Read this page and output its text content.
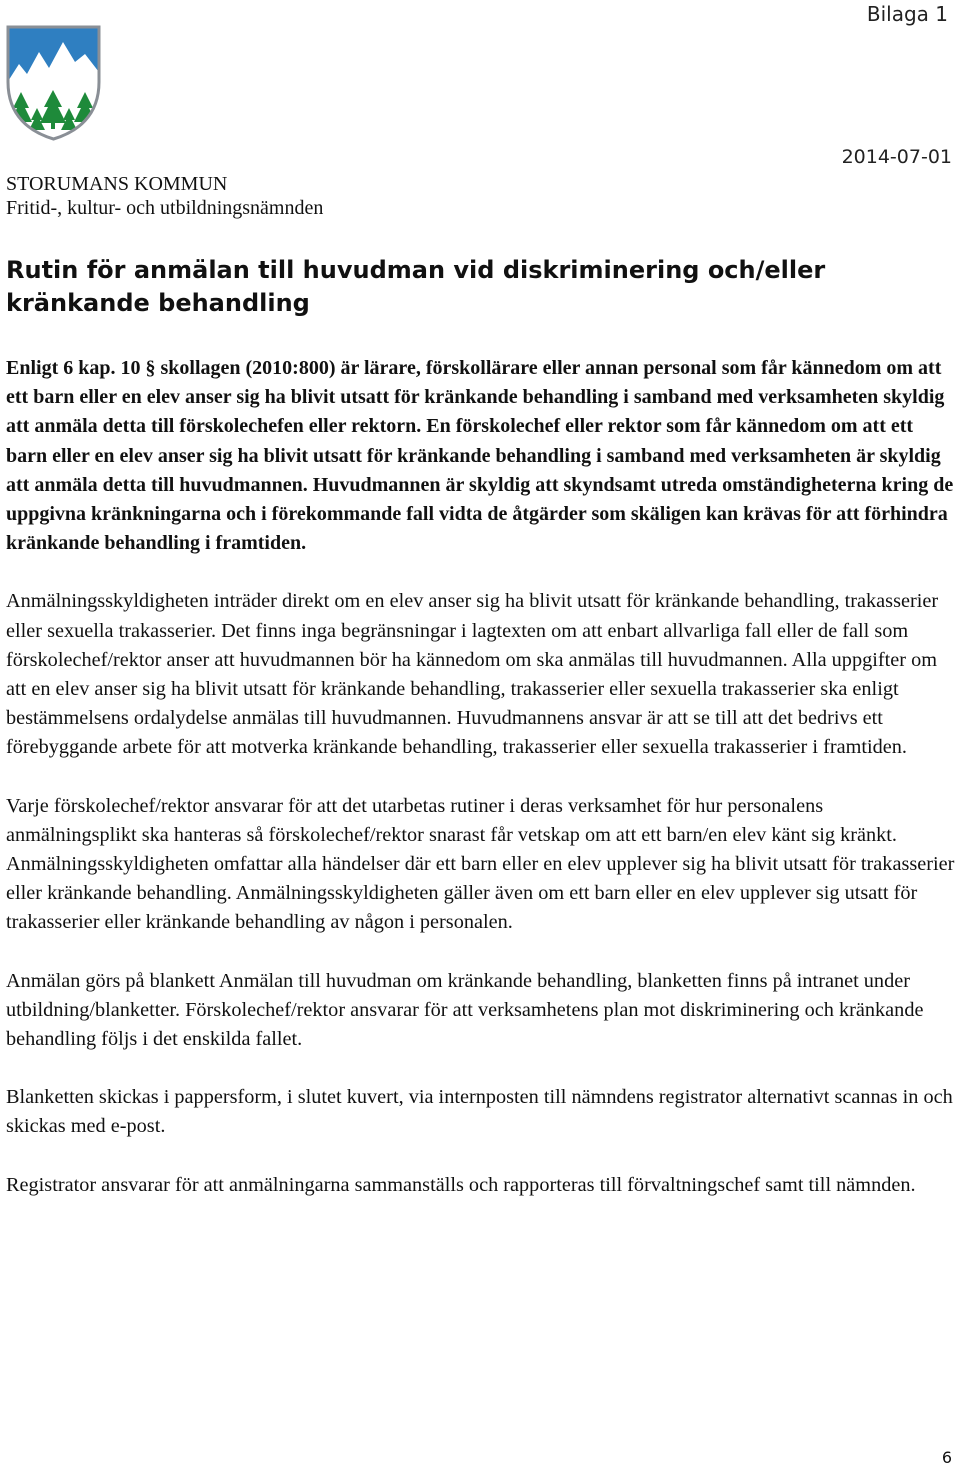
Bilaga 1
2014-07-01
STORUMANS KOMMUN
Fritid-, kultur- och utbildningsnämnden
Rutin för anmälan till huvudman vid diskriminering och/eller kränkande behandling

Enligt 6 kap. 10 § skollagen (2010:800) är lärare, förskollärare eller annan personal som får kännedom om att ett barn eller en elev anser sig ha blivit utsatt för kränkande behandling i samband med verksamheten skyldig att anmäla detta till förskolechefen eller rektorn. En förskolechef eller rektor som får kännedom om att ett barn eller en elev anser sig ha blivit utsatt för kränkande behandling i samband med verksamheten är skyldig att anmäla detta till huvudmannen. Huvudmannen är skyldig att skyndsamt utreda omständigheterna kring de uppgivna kränkningarna och i förekommande fall vidta de åtgärder som skäligen kan krävas för att förhindra kränkande behandling i framtiden.

Anmälningsskyldigheten inträder direkt om en elev anser sig ha blivit utsatt för kränkande behandling, trakasserier eller sexuella trakasserier. Det finns inga begränsningar i lagtexten om att enbart allvarliga fall eller de fall som förskolechef/rektor anser att huvudmannen bör ha kännedom om ska anmälas till huvudmannen. Alla uppgifter om att en elev anser sig ha blivit utsatt för kränkande behandling, trakasserier eller sexuella trakasserier ska enligt bestämmelsens ordalydelse anmälas till huvudmannen. Huvudmannens ansvar är att se till att det bedrivs ett förebyggande arbete för att motverka kränkande behandling, trakasserier eller sexuella trakasserier i framtiden.

Varje förskolechef/rektor ansvarar för att det utarbetas rutiner i deras verksamhet för hur personalens anmälningsplikt ska hanteras så förskolechef/rektor snarast får vetskap om att ett barn/en elev känt sig kränkt. Anmälningsskyldigheten omfattar alla händelser där ett barn eller en elev upplever sig ha blivit utsatt för trakasserier eller kränkande behandling. Anmälningsskyldigheten gäller även om ett barn eller en elev upplever sig utsatt för trakasserier eller kränkande behandling av någon i personalen.

Anmälan görs på blankett Anmälan till huvudman om kränkande behandling, blanketten finns på intranet under utbildning/blanketter. Förskolechef/rektor ansvarar för att verksamhetens plan mot diskriminering och kränkande behandling följs i det enskilda fallet.

Blanketten skickas i pappersform, i slutet kuvert, via internposten till nämndens registrator alternativt scannas in och skickas med e-post.

Registrator ansvarar för att anmälningarna sammanställs och rapporteras till förvaltningschef samt till nämnden.

6
